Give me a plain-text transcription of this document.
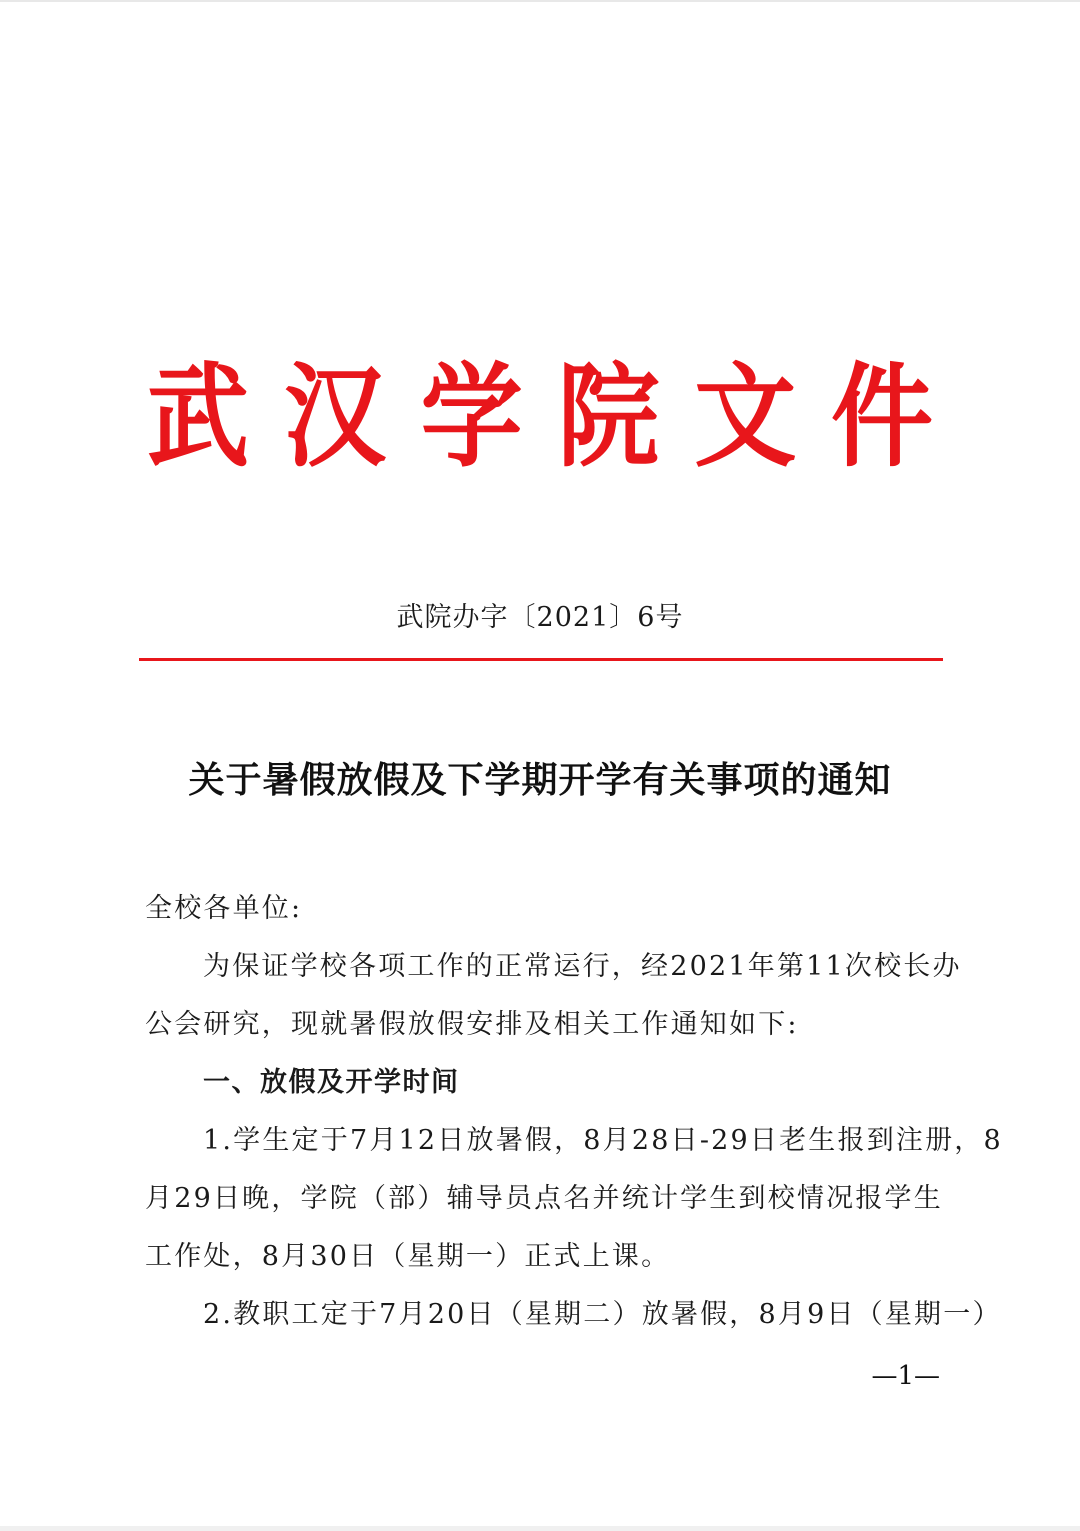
武 汉 学 院 文 件
武院办字〔2021〕6号
关于暑假放假及下学期开学有关事项的通知
全校各单位:
为保证学校各项工作的正常运行，经2021年第11次校长办
公会研究，现就暑假放假安排及相关工作通知如下:
一、放假及开学时间
1.学生定于7月12日放暑假，8月28日-29日老生报到注册，8
月29日晚，学院（部）辅导员点名并统计学生到校情况报学生
工作处，8月30日（星期一）正式上课。
2.教职工定于7月20日（星期二）放暑假，8月9日（星期一）
—1—
